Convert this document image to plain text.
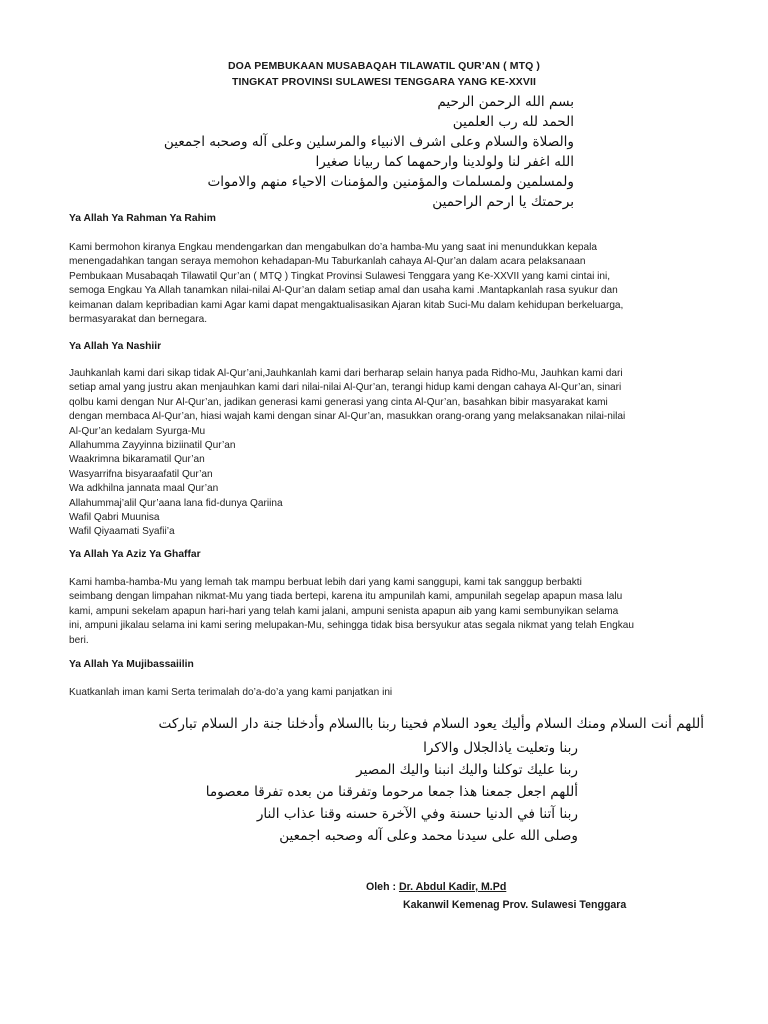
DOA PEMBUKAAN MUSABAQAH TILAWATIL QUR’AN ( MTQ )
TINGKAT PROVINSI SULAWESI TENGGARA YANG KE-XXVII
بسم الله الرحمن الرحيم
الحمد لله رب العلمين
والصلاة والسلام وعلى اشرف الانبياء والمرسلين وعلى آله وصحبه اجمعين
الله اغفر لنا ولولدينا وارحمهما كما ربيانا صغيرا
ولمسلمين ولمسلمات والمؤمنين والمؤمنات الاحياء منهم والاموات
برحمتك يا ارحم الراحمين
Ya Allah Ya Rahman Ya Rahim
Kami bermohon kiranya Engkau mendengarkan dan mengabulkan do’a hamba-Mu yang saat ini menundukkan kepala
menengadahkan tangan seraya memohon kehadapan-Mu Taburkanlah cahaya Al-Qur’an dalam acara pelaksanaan
Pembukaan Musabaqah Tilawatil Qur’an ( MTQ ) Tingkat Provinsi Sulawesi Tenggara yang Ke-XXVII yang kami cintai ini,
semoga Engkau Ya Allah tanamkan nilai-nilai Al-Qur’an dalam setiap amal dan usaha kami .Mantapkanlah rasa syukur dan
keimanan dalam kepribadian kami Agar kami dapat mengaktualisasikan Ajaran kitab Suci-Mu dalam kehidupan berkeluarga,
bermasyarakat dan bernegara.
Ya Allah Ya Nashiir
Jauhkanlah kami dari sikap tidak Al-Qur’ani,Jauhkanlah kami dari berharap selain hanya pada Ridho-Mu, Jauhkan kami dari
setiap amal yang justru akan menjauhkan kami dari nilai-nilai Al-Qur’an, terangi hidup kami dengan cahaya Al-Qur’an, sinari
qolbu kami dengan Nur Al-Qur’an, jadikan generasi kami generasi yang cinta Al-Qur’an, basahkan bibir masyarakat kami
dengan membaca Al-Qur’an, hiasi wajah kami dengan sinar Al-Qur’an, masukkan orang-orang yang melaksanakan nilai-nilai
Al-Qur’an kedalam Syurga-Mu
Allahumma Zayyinna biziinatil Qur’an
Waakrimna bikaramatil Qur’an
Wasyarrifna bisyaraafatil Qur’an
Wa adkhilna jannata maal Qur’an
Allahummaj’alil Qur’aana lana fid-dunya Qariina
Wafil Qabri Muunisa
Wafil Qiyaamati Syafii’a
Ya Allah Ya Aziz Ya Ghaffar
Kami hamba-hamba-Mu yang lemah tak mampu berbuat lebih dari yang kami sanggupi, kami tak sanggup berbakti
seimbang dengan limpahan nikmat-Mu yang tiada bertepi, karena itu ampunilah kami, ampunilah segelap apapun masa lalu
kami, ampuni sekelam apapun hari-hari yang telah kami jalani, ampuni senista apapun aib yang kami sembunyikan selama
ini, ampuni jikalau selama ini kami sering melupakan-Mu, sehingga tidak bisa bersyukur atas segala nikmat yang telah Engkau
beri.
Ya Allah Ya Mujibassaiilin
Kuatkanlah iman kami Serta terimalah do’a-do’a yang kami panjatkan ini
أللهم أنت السلام ومنك السلام وأليك يعود السلام فحينا ربنا باالسلام وأدخلنا جنة دار السلام تباركت
ربنا وتعليت ياذالجلال والاكرا
ربنا عليك توكلنا واليك انبنا واليك المصير
أللهم اجعل جمعنا هذا جمعا مرحوما وتفرقنا من بعده تفرقا معصوما
ربنا آتنا في الدنيا حسنة وفي الآخرة حسنه وقنا عذاب النار
وصلى الله على سيدنا محمد وعلى آله وصحبه اجمعين
Oleh : Dr. Abdul Kadir, M.Pd
Kakanwil Kemenag Prov. Sulawesi Tenggara
